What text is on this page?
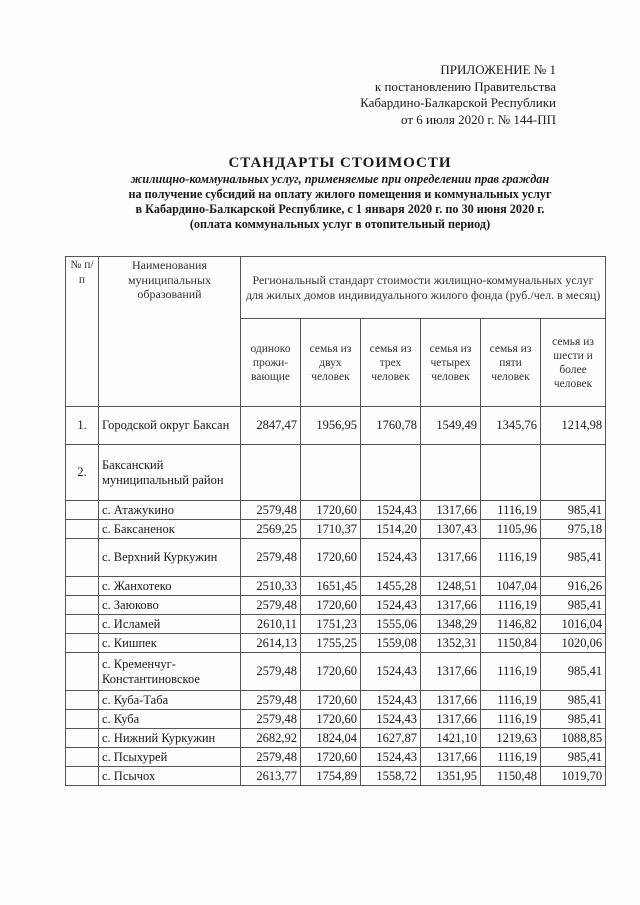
ПРИЛОЖЕНИЕ № 1
к постановлению Правительства
Кабардино-Балкарской Республики
от 6 июля 2020 г. № 144-ПП
СТАНДАРТЫ СТОИМОСТИ
жилищно-коммунальных услуг, применяемые при определении прав граждан
на получение субсидий на оплату жилого помещения и коммунальных услуг
в Кабардино-Балкарской Республике, с 1 января 2020 г. по 30 июня 2020 г.
(оплата коммунальных услуг в отопительный период)
№ п/п	Наименования муниципальных образований	Региональный стандарт стоимости жилищно-коммунальных услуг для жилых домов индивидуального жилого фонда (руб./чел. в месяц)					
		одиноко прожи-вающие	семья из двух человек	семья из трех человек	семья из четырех человек	семья из пяти человек	семья из шести и более человек
1.	Городской округ Баксан	2847,47	1956,95	1760,78	1549,49	1345,76	1214,98
2.	Баксанский муниципальный район						
	с. Атажукино	2579,48	1720,60	1524,43	1317,66	1116,19	985,41
	с. Баксаненок	2569,25	1710,37	1514,20	1307,43	1105,96	975,18
	с. Верхний Куркужин	2579,48	1720,60	1524,43	1317,66	1116,19	985,41
	с. Жанхотеко	2510,33	1651,45	1455,28	1248,51	1047,04	916,26
	с. Заюково	2579,48	1720,60	1524,43	1317,66	1116,19	985,41
	с. Исламей	2610,11	1751,23	1555,06	1348,29	1146,82	1016,04
	с. Кишпек	2614,13	1755,25	1559,08	1352,31	1150,84	1020,06
	с. Кременчуг-Константиновское	2579,48	1720,60	1524,43	1317,66	1116,19	985,41
	с. Куба-Таба	2579,48	1720,60	1524,43	1317,66	1116,19	985,41
	с. Куба	2579,48	1720,60	1524,43	1317,66	1116,19	985,41
	с. Нижний Куркужин	2682,92	1824,04	1627,87	1421,10	1219,63	1088,85
	с. Псыхурей	2579,48	1720,60	1524,43	1317,66	1116,19	985,41
	с. Псычох	2613,77	1754,89	1558,72	1351,95	1150,48	1019,70
